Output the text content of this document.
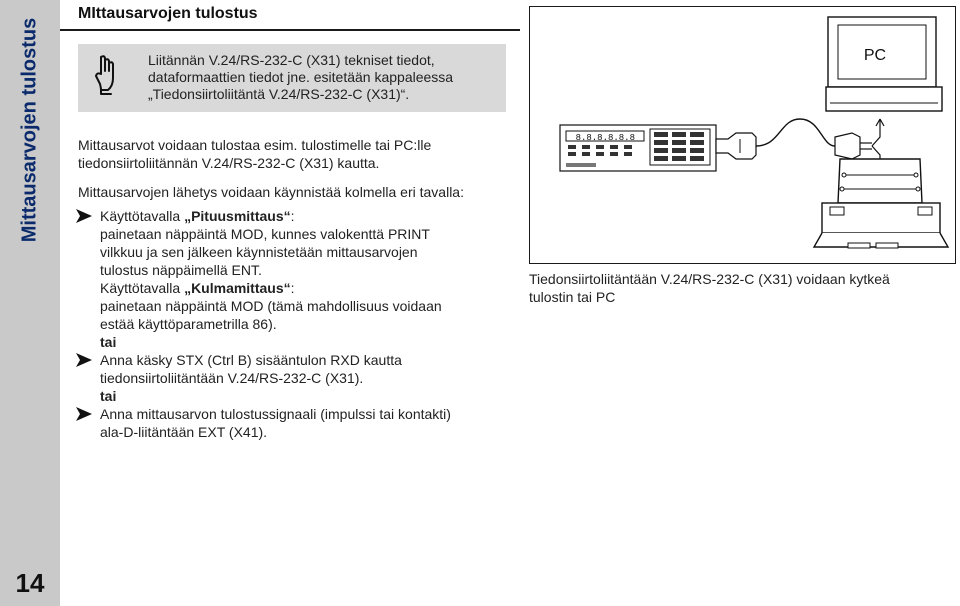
Mittausarvojen tulostus
14
MIttausarvojen tulostus
Liitännän V.24/RS-232-C (X31) tekniset tiedot,
dataformaattien tiedot jne. esitetään kappaleessa
„Tiedonsiirtoliitäntä V.24/RS-232-C (X31)“.
Mittausarvot voidaan tulostaa esim. tulostimelle tai PC:lle
tiedonsiirtoliitännän V.24/RS-232-C (X31) kautta.
Mittausarvojen lähetys voidaan käynnistää kolmella eri tavalla:
Käyttötavalla „Pituusmittaus“:
painetaan näppäintä MOD, kunnes valokenttä PRINT
vilkkuu ja sen jälkeen käynnistetään mittausarvojen
tulostus näppäimellä ENT.
Käyttötavalla „Kulmamittaus“:
painetaan näppäintä MOD (tämä mahdollisuus voidaan
estää käyttöparametrilla 86).
tai
Anna käsky STX (Ctrl B) sisääntulon RXD kautta
tiedonsiirtoliitäntään V.24/RS-232-C (X31).
tai
Anna mittausarvon tulostussignaali (impulssi tai kontakti)
ala-D-liitäntään EXT (X41).
8.8.8.8.8.8
PC
Tiedonsiirtoliitäntään V.24/RS-232-C (X31) voidaan kytkeä
tulostin tai PC
